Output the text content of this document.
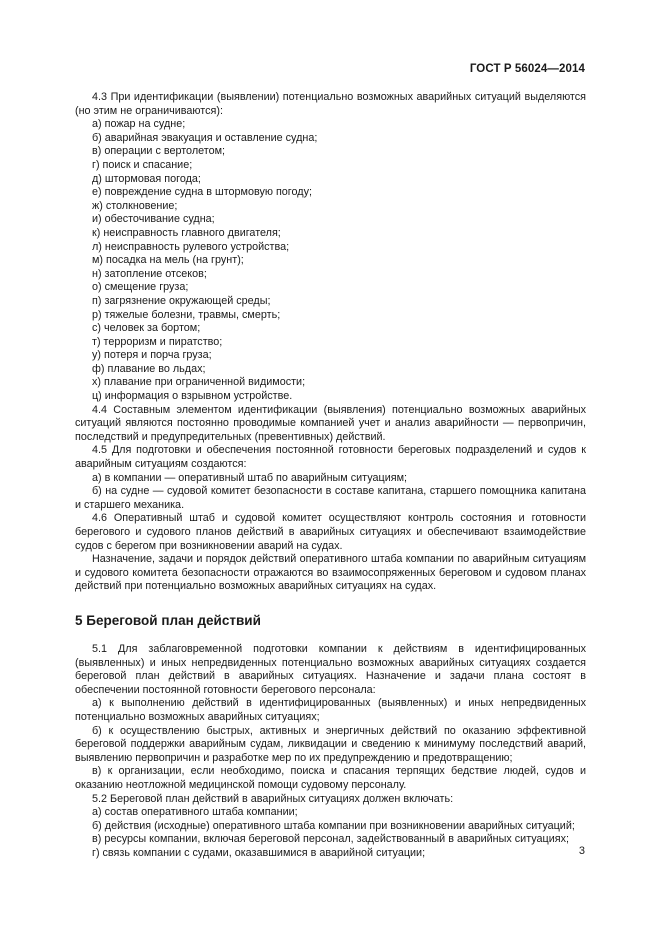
ГОСТ Р 56024—2014

4.3 При идентификации (выявлении) потенциально возможных аварийных ситуаций выделяются (но этим не ограничиваются):

а) пожар на судне;

б) аварийная эвакуация и оставление судна;

в) операции с вертолетом;

г) поиск и спасание;

д) штормовая погода;

е) повреждение судна в штормовую погоду;

ж) столкновение;

и) обесточивание судна;

к) неисправность главного двигателя;

л) неисправность рулевого устройства;

м) посадка на мель (на грунт);

н) затопление отсеков;

о) смещение груза;

п) загрязнение окружающей среды;

р) тяжелые болезни, травмы, смерть;

с) человек за бортом;

т) терроризм и пиратство;

у) потеря и порча груза;

ф) плавание во льдах;

х) плавание при ограниченной видимости;

ц) информация о взрывном устройстве.

4.4 Составным элементом идентификации (выявления) потенциально возможных аварийных ситуаций являются постоянно проводимые компанией учет и анализ аварийности — первопричин, последствий и предупредительных (превентивных) действий.

4.5 Для подготовки и обеспечения постоянной готовности береговых подразделений и судов к аварийным ситуациям создаются:

а) в компании — оперативный штаб по аварийным ситуациям;

б) на судне — судовой комитет безопасности в составе капитана, старшего помощника капитана и старшего механика.

4.6 Оперативный штаб и судовой комитет осуществляют контроль состояния и готовности берегового и судового планов действий в аварийных ситуациях и обеспечивают взаимодействие судов с берегом при возникновении аварий на судах.

Назначение, задачи и порядок действий оперативного штаба компании по аварийным ситуациям и судового комитета безопасности отражаются во взаимосопряженных береговом и судовом планах действий при потенциально возможных аварийных ситуациях на судах.

5 Береговой план действий

5.1 Для заблаговременной подготовки компании к действиям в идентифицированных (выявленных) и иных непредвиденных потенциально возможных аварийных ситуациях создается береговой план действий в аварийных ситуациях. Назначение и задачи плана состоят в обеспечении постоянной готовности берегового персонала:

а) к выполнению действий в идентифицированных (выявленных) и иных непредвиденных потенциально возможных аварийных ситуациях;

б) к осуществлению быстрых, активных и энергичных действий по оказанию эффективной береговой поддержки аварийным судам, ликвидации и сведению к минимуму последствий аварий, выявлению первопричин и разработке мер по их предупреждению и предотвращению;

в) к организации, если необходимо, поиска и спасания терпящих бедствие людей, судов и оказанию неотложной медицинской помощи судовому персоналу.

5.2 Береговой план действий в аварийных ситуациях должен включать:

а) состав оперативного штаба компании;

б) действия (исходные) оперативного штаба компании при возникновении аварийных ситуаций;

в) ресурсы компании, включая береговой персонал, задействованный в аварийных ситуациях;

г) связь компании с судами, оказавшимися в аварийной ситуации;	3
